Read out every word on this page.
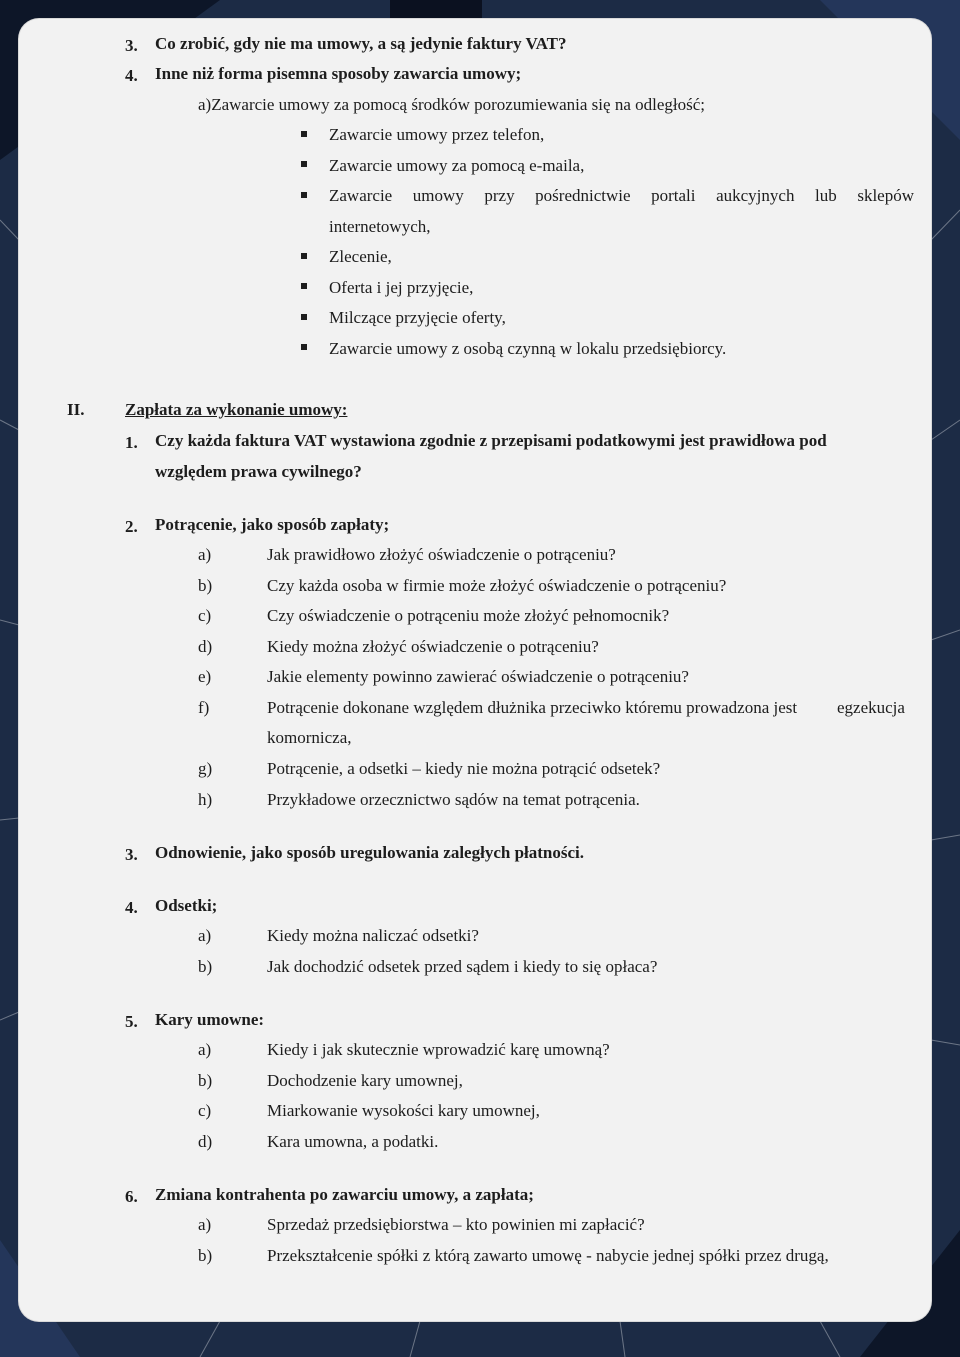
3. Co zrobić, gdy nie ma umowy, a są jedynie faktury VAT?
4. Inne niż forma pisemna sposoby zawarcia umowy;
a)Zawarcie umowy za pomocą środków porozumiewania się na odległość;
Zawarcie umowy przez telefon,
Zawarcie umowy za pomocą e-maila,
Zawarcie umowy przy pośrednictwie portali aukcyjnych lub sklepów
internetowych,
Zlecenie,
Oferta i jej przyjęcie,
Milczące przyjęcie oferty,
Zawarcie umowy z osobą czynną w lokalu przedsiębiorcy.
II. Zapłata za wykonanie umowy:
1. Czy każda faktura VAT wystawiona zgodnie z przepisami podatkowymi jest prawidłowa pod
względem prawa cywilnego?
2. Potrącenie, jako sposób zapłaty;
a)	Jak prawidłowo złożyć oświadczenie o potrąceniu?
b)	Czy każda osoba w firmie może złożyć oświadczenie o potrąceniu?
c)	Czy oświadczenie o potrąceniu może złożyć pełnomocnik?
d)	Kiedy można złożyć oświadczenie o potrąceniu?
e)	Jakie elementy powinno zawierać oświadczenie o potrąceniu?
f)	Potrącenie dokonane względem dłużnika przeciwko któremu prowadzona jest egzekucja
komornicza,
g)	Potrącenie, a odsetki – kiedy nie można potrącić odsetek?
h)	Przykładowe orzecznictwo sądów na temat potrącenia.
3. Odnowienie, jako sposób uregulowania zaległych płatności.
4. Odsetki;
a)	Kiedy można naliczać odsetki?
b)	Jak dochodzić odsetek przed sądem i kiedy to się opłaca?
5. Kary umowne:
a)	Kiedy i jak skutecznie wprowadzić karę umowną?
b)	Dochodzenie kary umownej,
c)	Miarkowanie wysokości kary umownej,
d)	Kara umowna, a podatki.
6. Zmiana kontrahenta po zawarciu umowy, a zapłata;
a)	Sprzedaż przedsiębiorstwa – kto powinien mi zapłacić?
b)	Przekształcenie spółki z którą zawarto umowę - nabycie jednej spółki przez drugą,
